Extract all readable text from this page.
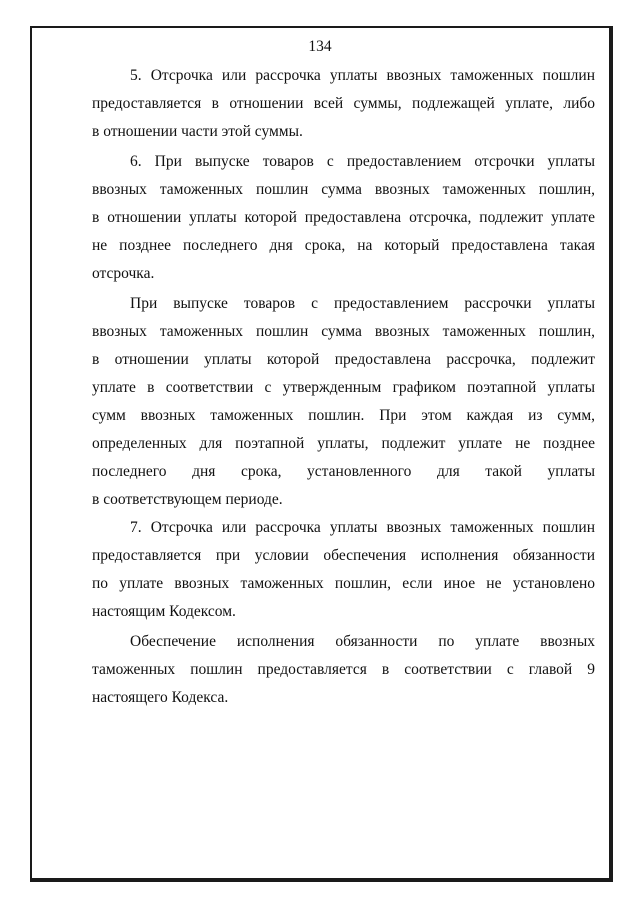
134
5. Отсрочка или рассрочка уплаты ввозных таможенных пошлин
предоставляется в отношении всей суммы, подлежащей уплате, либо
в отношении части этой суммы.
6. При выпуске товаров с предоставлением отсрочки уплаты
ввозных таможенных пошлин сумма ввозных таможенных пошлин,
в отношении уплаты которой предоставлена отсрочка, подлежит уплате
не позднее последнего дня срока, на который предоставлена такая
отсрочка.
При выпуске товаров с предоставлением рассрочки уплаты
ввозных таможенных пошлин сумма ввозных таможенных пошлин,
в отношении уплаты которой предоставлена рассрочка, подлежит
уплате в соответствии с утвержденным графиком поэтапной уплаты
сумм ввозных таможенных пошлин. При этом каждая из сумм,
определенных для поэтапной уплаты, подлежит уплате не позднее
последнего дня срока, установленного для такой уплаты
в соответствующем периоде.
7. Отсрочка или рассрочка уплаты ввозных таможенных пошлин
предоставляется при условии обеспечения исполнения обязанности
по уплате ввозных таможенных пошлин, если иное не установлено
настоящим Кодексом.
Обеспечение исполнения обязанности по уплате ввозных
таможенных пошлин предоставляется в соответствии с главой 9
настоящего Кодекса.
